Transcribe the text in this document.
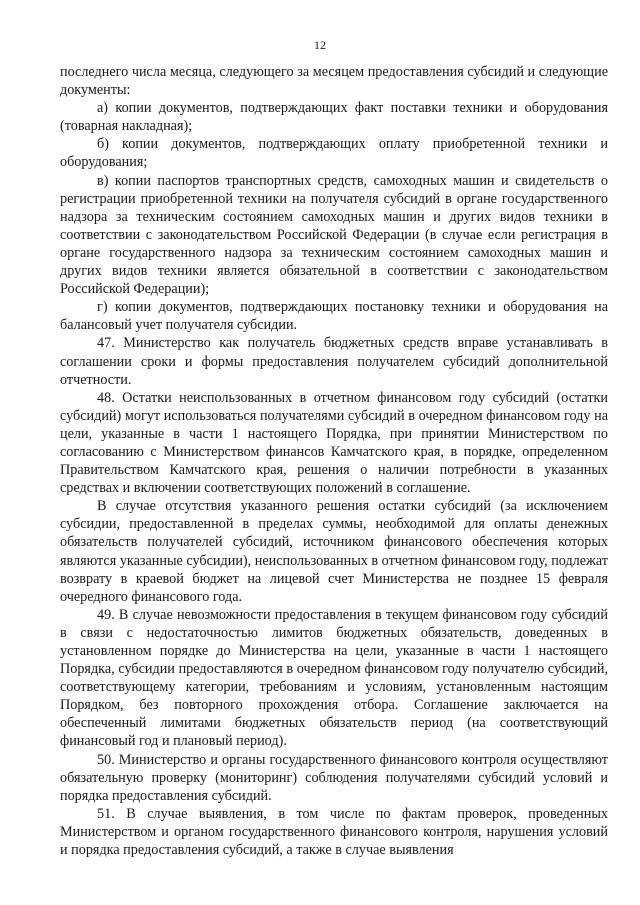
12

последнего числа месяца, следующего за месяцем предоставления субсидий и следующие документы:

а) копии документов, подтверждающих факт поставки техники и оборудования (товарная накладная);

б) копии документов, подтверждающих оплату приобретенной техники и оборудования;

в) копии паспортов транспортных средств, самоходных машин и свидетельств о регистрации приобретенной техники на получателя субсидий в органе государственного надзора за техническим состоянием самоходных машин и других видов техники в соответствии с законодательством Российской Федерации (в случае если регистрация в органе государственного надзора за техническим состоянием самоходных машин и других видов техники является обязательной в соответствии с законодательством Российской Федерации);

г) копии документов, подтверждающих постановку техники и оборудования на балансовый учет получателя субсидии.

47. Министерство как получатель бюджетных средств вправе устанавливать в соглашении сроки и формы предоставления получателем субсидий дополнительной отчетности.

48. Остатки неиспользованных в отчетном финансовом году субсидий (остатки субсидий) могут использоваться получателями субсидий в очередном финансовом году на цели, указанные в части 1 настоящего Порядка, при принятии Министерством по согласованию с Министерством финансов Камчатского края, в порядке, определенном Правительством Камчатского края, решения о наличии потребности в указанных средствах и включении соответствующих положений в соглашение.

В случае отсутствия указанного решения остатки субсидий (за исключением субсидии, предоставленной в пределах суммы, необходимой для оплаты денежных обязательств получателей субсидий, источником финансового обеспечения которых являются указанные субсидии), неиспользованных в отчетном финансовом году, подлежат возврату в краевой бюджет на лицевой счет Министерства не позднее 15 февраля очередного финансового года.

49. В случае невозможности предоставления в текущем финансовом году субсидий в связи с недостаточностью лимитов бюджетных обязательств, доведенных в установленном порядке до Министерства на цели, указанные в части 1 настоящего Порядка, субсидии предоставляются в очередном финансовом году получателю субсидий, соответствующему категории, требованиям и условиям, установленным настоящим Порядком, без повторного прохождения отбора. Соглашение заключается на обеспеченный лимитами бюджетных обязательств период (на соответствующий финансовый год и плановый период).

50. Министерство и органы государственного финансового контроля осуществляют обязательную проверку (мониторинг) соблюдения получателями субсидий условий и порядка предоставления субсидий.

51. В случае выявления, в том числе по фактам проверок, проведенных Министерством и органом государственного финансового контроля, нарушения условий и порядка предоставления субсидий, а также в случае выявления
